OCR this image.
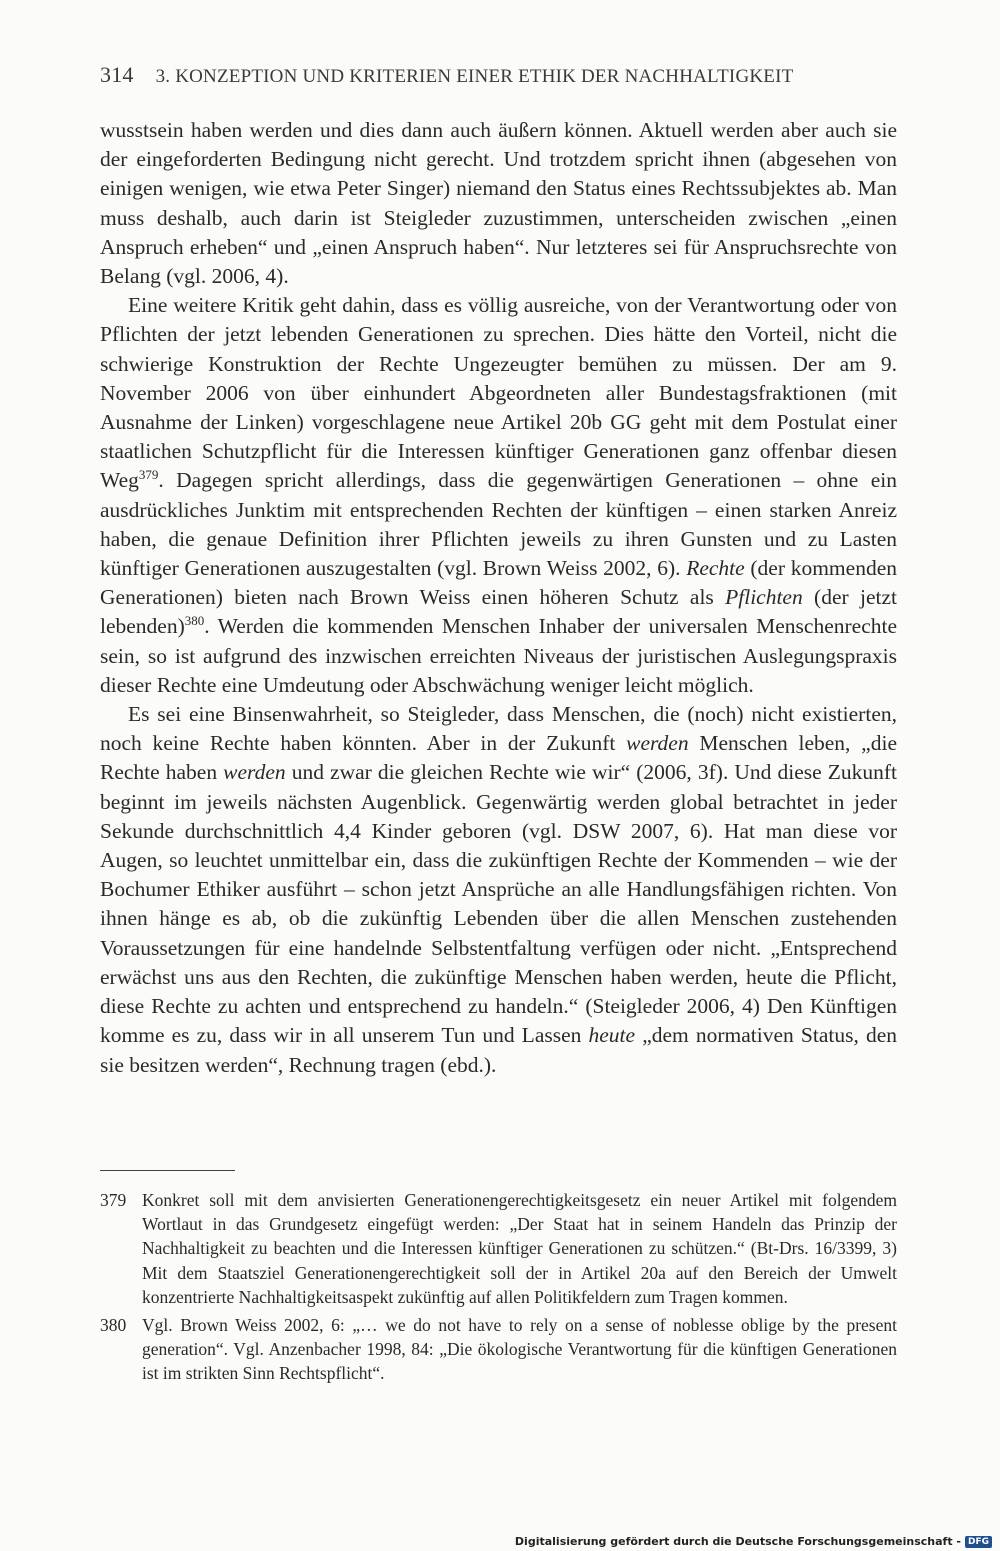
314 3. KONZEPTION UND KRITERIEN EINER ETHIK DER NACHHALTIGKEIT

wusstsein haben werden und dies dann auch äußern können. Aktuell werden aber auch sie der eingeforderten Bedingung nicht gerecht. Und trotzdem spricht ihnen (abgesehen von einigen wenigen, wie etwa Peter Singer) niemand den Status eines Rechtssubjektes ab. Man muss deshalb, auch darin ist Steigleder zuzustimmen, unterscheiden zwischen „einen Anspruch erheben“ und „einen Anspruch haben“. Nur letzteres sei für Anspruchsrechte von Belang (vgl. 2006, 4).

Eine weitere Kritik geht dahin, dass es völlig ausreiche, von der Verantwortung oder von Pflichten der jetzt lebenden Generationen zu sprechen. Dies hätte den Vorteil, nicht die schwierige Konstruktion der Rechte Ungezeugter bemühen zu müssen. Der am 9. November 2006 von über einhundert Abgeordneten aller Bundestagsfraktionen (mit Ausnahme der Linken) vorgeschlagene neue Artikel 20b GG geht mit dem Postulat einer staatlichen Schutzpflicht für die Interessen künftiger Generationen ganz offenbar diesen Weg$^{379}$. Dagegen spricht allerdings, dass die gegenwärtigen Generationen – ohne ein ausdrückliches Junktim mit entsprechenden Rechten der künftigen – einen starken Anreiz haben, die genaue Definition ihrer Pflichten jeweils zu ihren Gunsten und zu Lasten künftiger Generationen auszugestalten (vgl. Brown Weiss 2002, 6). Rechte (der kommenden Generationen) bieten nach Brown Weiss einen höheren Schutz als Pflichten (der jetzt lebenden)$^{380}$. Werden die kommenden Menschen Inhaber der universalen Menschenrechte sein, so ist aufgrund des inzwischen erreichten Niveaus der juristischen Auslegungspraxis dieser Rechte eine Umdeutung oder Abschwächung weniger leicht möglich.

Es sei eine Binsenwahrheit, so Steigleder, dass Menschen, die (noch) nicht existierten, noch keine Rechte haben könnten. Aber in der Zukunft werden Menschen leben, „die Rechte haben werden und zwar die gleichen Rechte wie wir“ (2006, 3f). Und diese Zukunft beginnt im jeweils nächsten Augenblick. Gegenwärtig werden global betrachtet in jeder Sekunde durchschnittlich 4,4 Kinder geboren (vgl. DSW 2007, 6). Hat man diese vor Augen, so leuchtet unmittelbar ein, dass die zukünftigen Rechte der Kommenden – wie der Bochumer Ethiker ausführt – schon jetzt Ansprüche an alle Handlungsfähigen richten. Von ihnen hänge es ab, ob die zukünftig Lebenden über die allen Menschen zustehenden Voraussetzungen für eine handelnde Selbstentfaltung verfügen oder nicht. „Entsprechend erwächst uns aus den Rechten, die zukünftige Menschen haben werden, heute die Pflicht, diese Rechte zu achten und entsprechend zu handeln.“ (Steigleder 2006, 4) Den Künftigen komme es zu, dass wir in all unserem Tun und Lassen heute „dem normativen Status, den sie besitzen werden“, Rechnung tragen (ebd.).

379 Konkret soll mit dem anvisierten Generationengerechtigkeitsgesetz ein neuer Artikel mit folgendem Wortlaut in das Grundgesetz eingefügt werden: „Der Staat hat in seinem Handeln das Prinzip der Nachhaltigkeit zu beachten und die Interessen künftiger Generationen zu schützen.“ (Bt-Drs. 16/3399, 3) Mit dem Staatsziel Generationengerechtigkeit soll der in Artikel 20a auf den Bereich der Umwelt konzentrierte Nachhaltigkeitsaspekt zukünftig auf allen Politikfeldern zum Tragen kommen.
380 Vgl. Brown Weiss 2002, 6: „… we do not have to rely on a sense of noblesse oblige by the present generation“. Vgl. Anzenbacher 1998, 84: „Die ökologische Verantwortung für die künftigen Generationen ist im strikten Sinn Rechtspflicht“.
Digitalisierung gefördert durch die Deutsche Forschungsgemeinschaft - DFG
